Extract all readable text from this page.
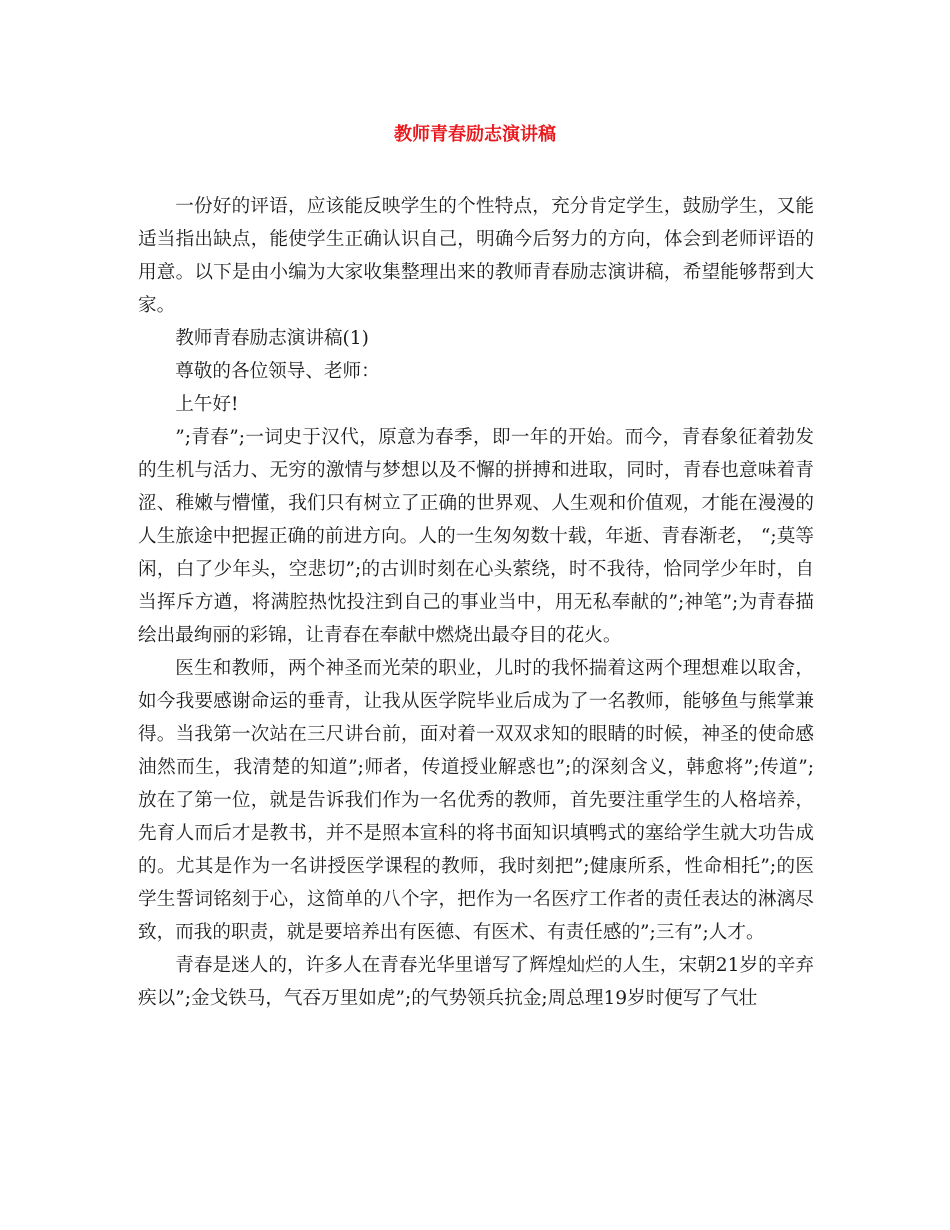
教师青春励志演讲稿

一份好的评语，应该能反映学生的个性特点，充分肯定学生，鼓励学生，又能适当指出缺点，能使学生正确认识自己，明确今后努力的方向，体会到老师评语的用意。以下是由小编为大家收集整理出来的教师青春励志演讲稿，希望能够帮到大家。

教师青春励志演讲稿(1)

尊敬的各位领导、老师：

上午好!

”;青春”;一词史于汉代，原意为春季，即一年的开始。而今，青春象征着勃发的生机与活力、无穷的激情与梦想以及不懈的拼搏和进取，同时，青春也意味着青涩、稚嫩与懵懂，我们只有树立了正确的世界观、人生观和价值观，才能在漫漫的人生旅途中把握正确的前进方向。人的一生匆匆数十载，年逝、青春渐老， “;莫等闲，白了少年头，空悲切”;的古训时刻在心头萦绕，时不我待，恰同学少年时，自当挥斥方遒，将满腔热忱投注到自己的事业当中，用无私奉献的”;神笔”;为青春描绘出最绚丽的彩锦，让青春在奉献中燃烧出最夺目的花火。

医生和教师，两个神圣而光荣的职业，儿时的我怀揣着这两个理想难以取舍，如今我要感谢命运的垂青，让我从医学院毕业后成为了一名教师，能够鱼与熊掌兼得。当我第一次站在三尺讲台前，面对着一双双求知的眼睛的时候，神圣的使命感油然而生，我清楚的知道”;师者，传道授业解惑也”;的深刻含义，韩愈将”;传道”; 放在了第一位，就是告诉我们作为一名优秀的教师，首先要注重学生的人格培养，先育人而后才是教书，并不是照本宣科的将书面知识填鸭式的塞给学生就大功告成的。尤其是作为一名讲授医学课程的教师，我时刻把”;健康所系，性命相托”;的医学生誓词铭刻于心，这简单的八个字，把作为一名医疗工作者的责任表达的淋漓尽致，而我的职责，就是要培养出有医德、有医术、有责任感的”;三有”;人才。

青春是迷人的，许多人在青春光华里谱写了辉煌灿烂的人生，宋朝21岁的辛弃疾以”;金戈铁马，气吞万里如虎”;的气势领兵抗金;周总理19岁时便写了气壮
